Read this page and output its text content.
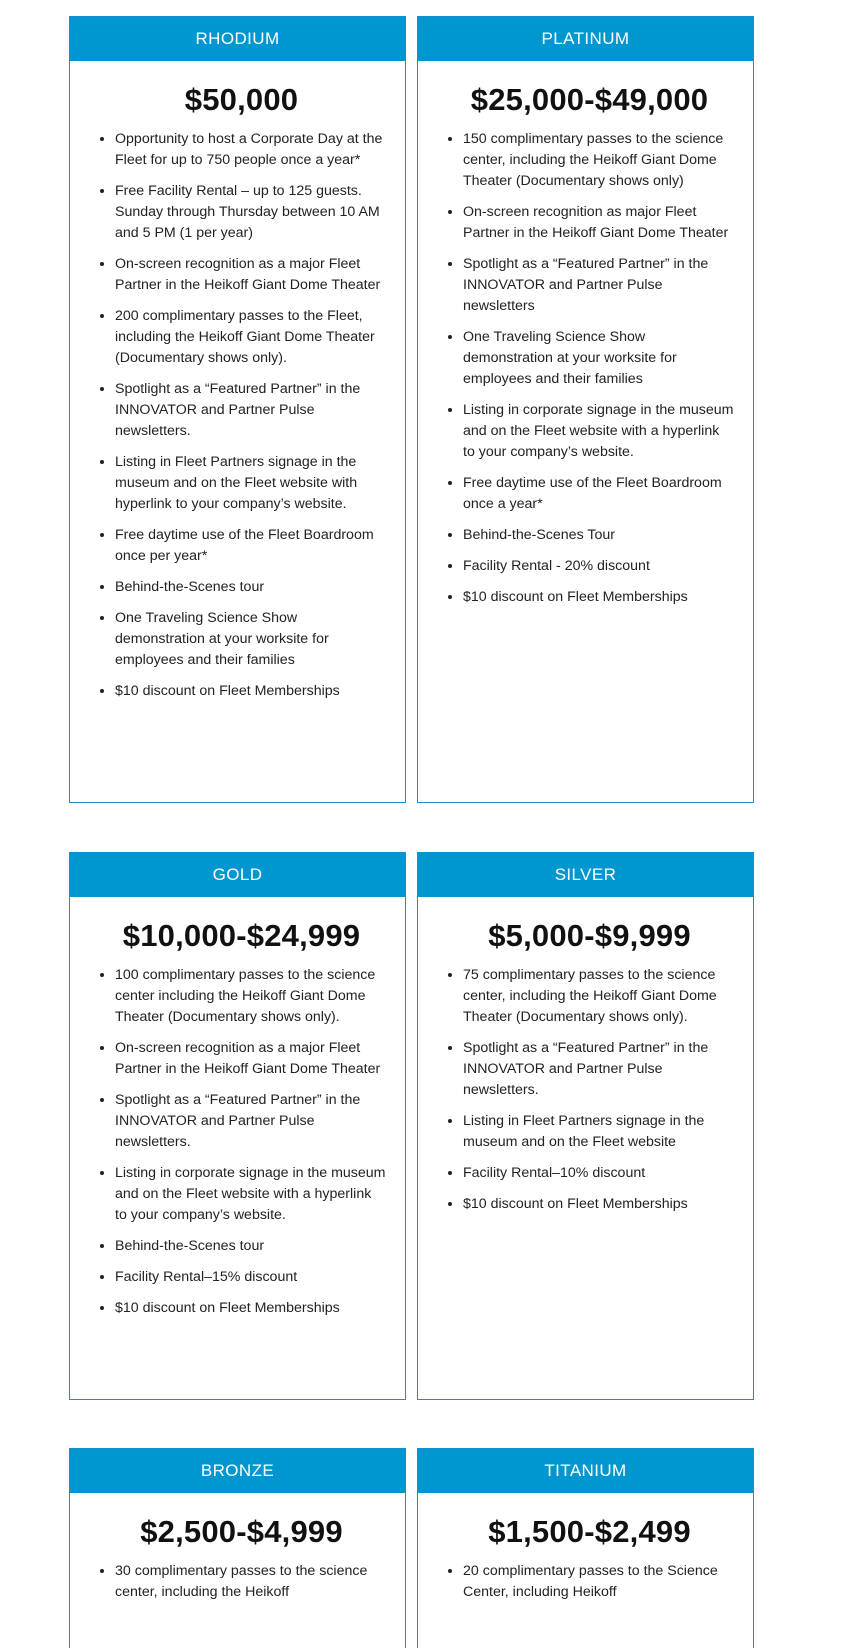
RHODIUM
$50,000
• Opportunity to host a Corporate Day at the Fleet for up to 750 people once a year*
• Free Facility Rental – up to 125 guests. Sunday through Thursday between 10 AM and 5 PM (1 per year)
• On-screen recognition as a major Fleet Partner in the Heikoff Giant Dome Theater
• 200 complimentary passes to the Fleet, including the Heikoff Giant Dome Theater (Documentary shows only).
• Spotlight as a “Featured Partner” in the INNOVATOR and Partner Pulse newsletters.
• Listing in Fleet Partners signage in the museum and on the Fleet website with hyperlink to your company’s website.
• Free daytime use of the Fleet Boardroom once per year*
• Behind-the-Scenes tour
• One Traveling Science Show demonstration at your worksite for employees and their families
• $10 discount on Fleet Memberships
PLATINUM
$25,000-$49,000
• 150 complimentary passes to the science center, including the Heikoff Giant Dome Theater (Documentary shows only)
• On-screen recognition as major Fleet Partner in the Heikoff Giant Dome Theater
• Spotlight as a “Featured Partner” in the INNOVATOR and Partner Pulse newsletters
• One Traveling Science Show demonstration at your worksite for employees and their families
• Listing in corporate signage in the museum and on the Fleet website with a hyperlink to your company’s website.
• Free daytime use of the Fleet Boardroom once a year*
• Behind-the-Scenes Tour
• Facility Rental - 20% discount
• $10 discount on Fleet Memberships
GOLD
$10,000-$24,999
• 100 complimentary passes to the science center including the Heikoff Giant Dome Theater (Documentary shows only).
• On-screen recognition as a major Fleet Partner in the Heikoff Giant Dome Theater
• Spotlight as a “Featured Partner” in the INNOVATOR and Partner Pulse newsletters.
• Listing in corporate signage in the museum and on the Fleet website with a hyperlink to your company’s website.
• Behind-the-Scenes tour
• Facility Rental–15% discount
• $10 discount on Fleet Memberships
SILVER
$5,000-$9,999
• 75 complimentary passes to the science center, including the Heikoff Giant Dome Theater (Documentary shows only).
• Spotlight as a “Featured Partner” in the INNOVATOR and Partner Pulse newsletters.
• Listing in Fleet Partners signage in the museum and on the Fleet website
• Facility Rental–10% discount
• $10 discount on Fleet Memberships
BRONZE
$2,500-$4,999
• 30 complimentary passes to the science center, including the Heikoff
TITANIUM
$1,500-$2,499
• 20 complimentary passes to the Science Center, including Heikoff
